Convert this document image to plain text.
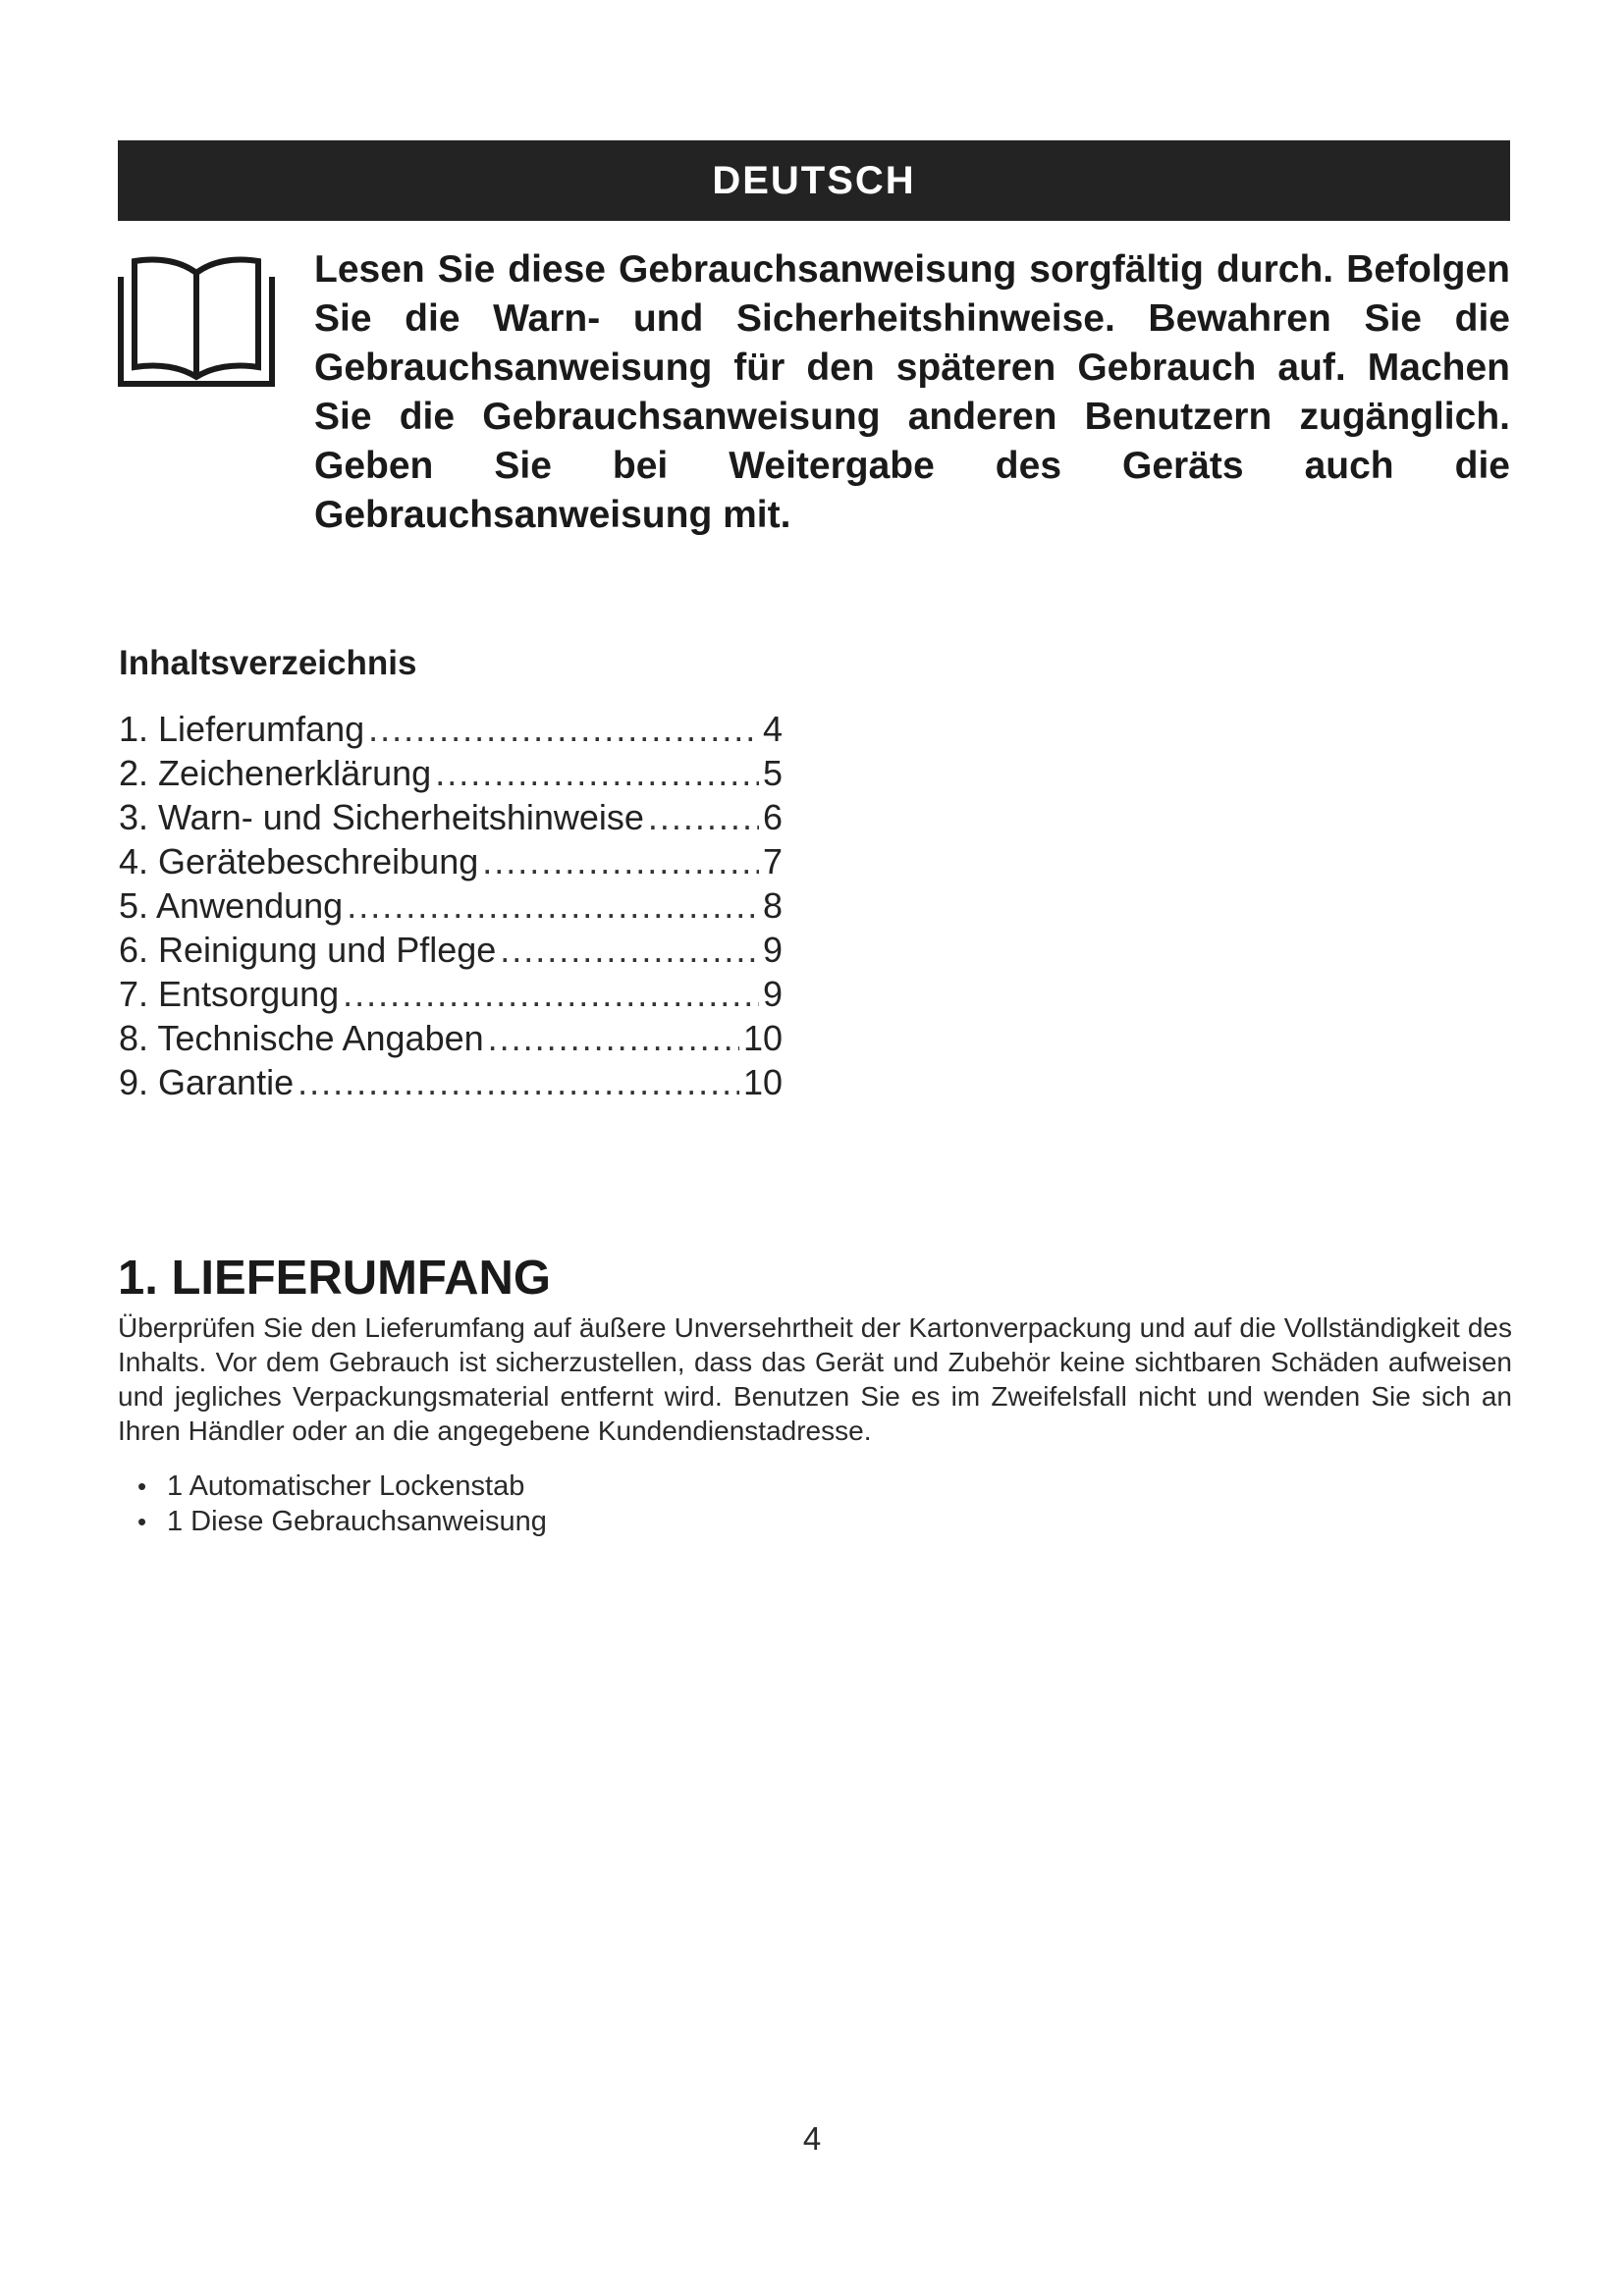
DEUTSCH

Lesen Sie diese Gebrauchsanweisung sorgfältig durch. Befolgen Sie die Warn- und Sicherheitshinweise. Bewahren Sie die Gebrauchsanweisung für den späteren Gebrauch auf. Machen Sie die Gebrauchsanweisung anderen Benutzern zugänglich. Geben Sie bei Weitergabe des Geräts auch die Gebrauchsanweisung mit.

Inhaltsverzeichnis
1. Lieferumfang .....	4
2. Zeichenerklärung .....	5
3. Warn- und Sicherheitshinweise .....	6
4. Gerätebeschreibung .....	7
5. Anwendung .....	8
6. Reinigung und Pflege .....	9
7. Entsorgung .....	9
8. Technische Angaben .....	10
9. Garantie .....	10
1. LIEFERUMFANG

Überprüfen Sie den Lieferumfang auf äußere Unversehrtheit der Kartonverpackung und auf die Vollständigkeit des Inhalts. Vor dem Gebrauch ist sicherzustellen, dass das Gerät und Zubehör keine sichtbaren Schäden aufweisen und jegliches Verpackungsmaterial entfernt wird. Benutzen Sie es im Zweifelsfall nicht und wenden Sie sich an Ihren Händler oder an die angegebene Kundendienstadresse.

• 1 Automatischer Lockenstab
• 1 Diese Gebrauchsanweisung
4
